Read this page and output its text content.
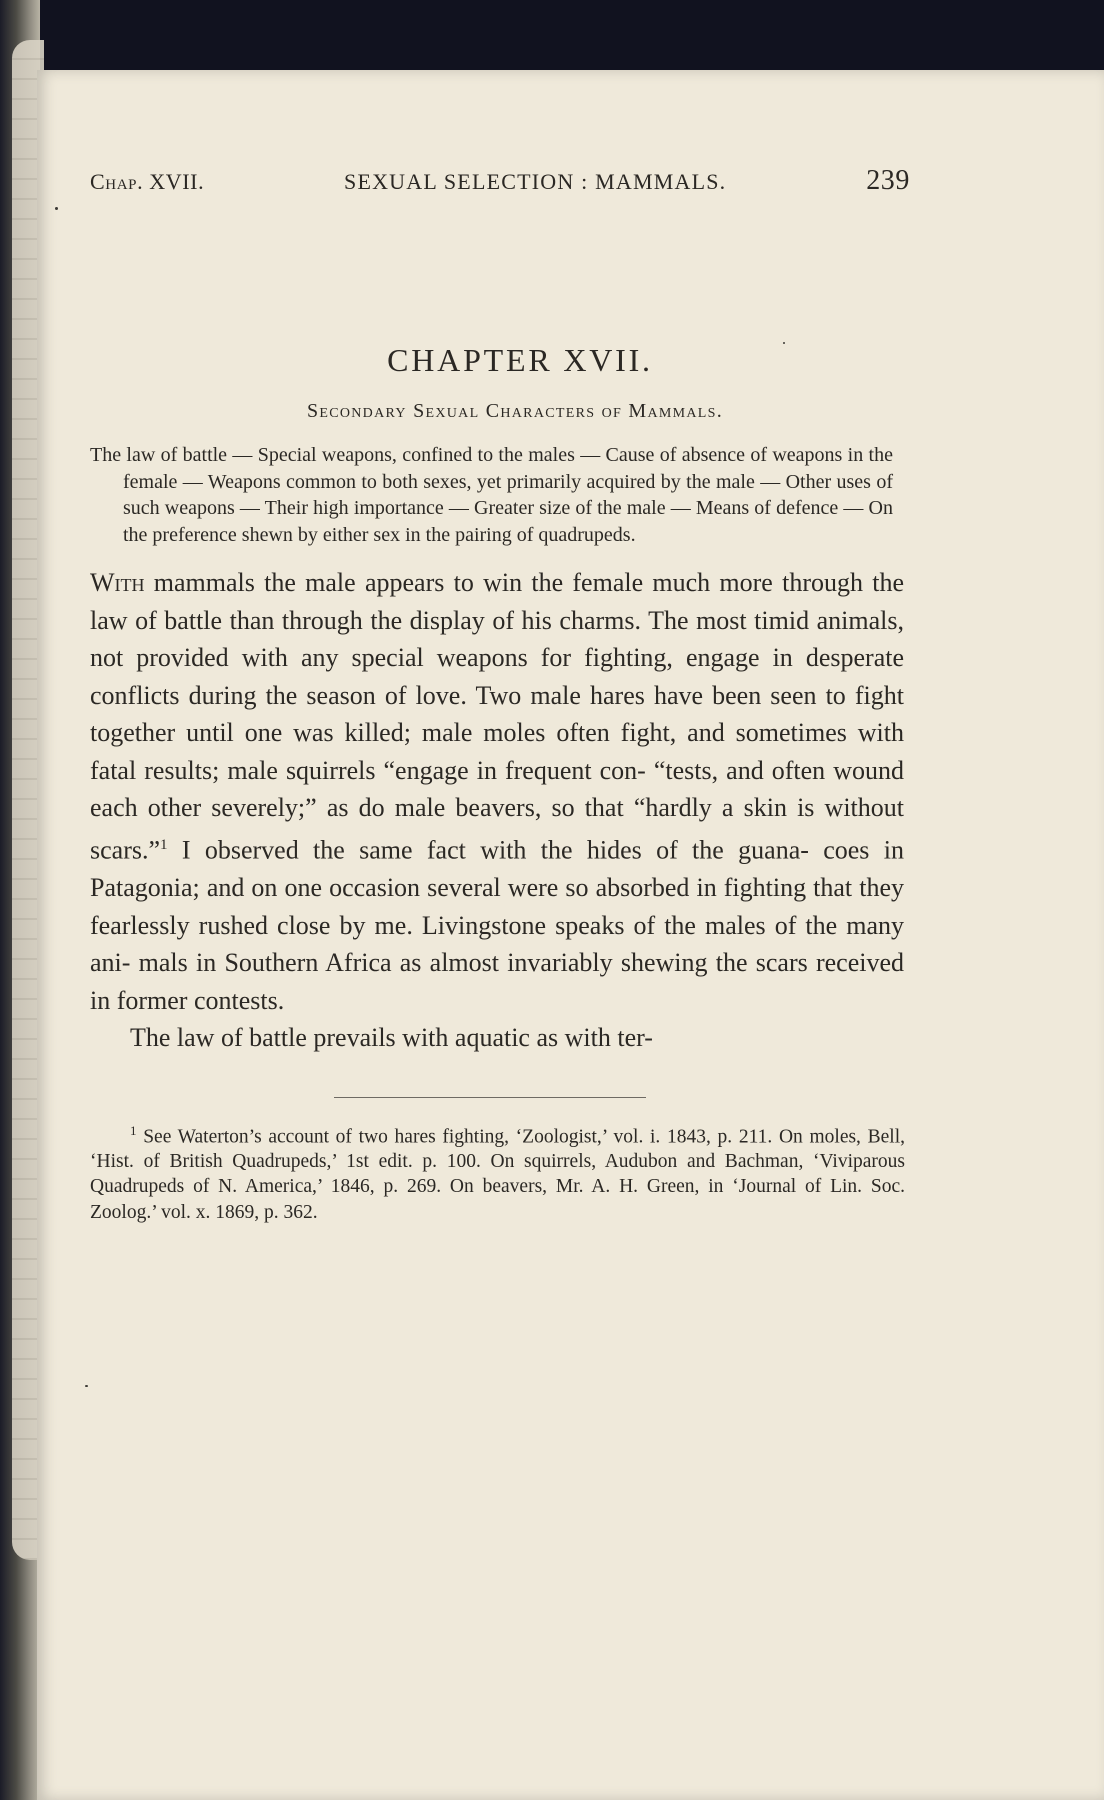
Chap. XVII.	SEXUAL SELECTION : MAMMALS.	239
CHAPTER XVII.
Secondary Sexual Characters of Mammals.
The law of battle — Special weapons, confined to the males — Cause of absence of weapons in the female — Weapons common to both sexes, yet primarily acquired by the male — Other uses of such weapons — Their high importance — Greater size of the male — Means of defence — On the preference shewn by either sex in the pairing of quadrupeds.

With mammals the male appears to win the female much more through the law of battle than through the display of his charms. The most timid animals, not provided with any special weapons for fighting, engage in desperate conflicts during the season of love. Two male hares have been seen to fight together until one was killed; male moles often fight, and sometimes with fatal results; male squirrels “engage in frequent con- “tests, and often wound each other severely;” as do male beavers, so that “hardly a skin is without scars.”$^1$ I observed the same fact with the hides of the guana- coes in Patagonia; and on one occasion several were so absorbed in fighting that they fearlessly rushed close by me. Livingstone speaks of the males of the many ani- mals in Southern Africa as almost invariably shewing the scars received in former contests.

The law of battle prevails with aquatic as with ter-

$^1$ See Waterton’s account of two hares fighting, ‘Zoologist,’ vol. i. 1843, p. 211. On moles, Bell, ‘Hist. of British Quadrupeds,’ 1st edit. p. 100. On squirrels, Audubon and Bachman, ‘Viviparous Quadrupeds of N. America,’ 1846, p. 269. On beavers, Mr. A. H. Green, in ‘Journal of Lin. Soc. Zoolog.’ vol. x. 1869, p. 362.
